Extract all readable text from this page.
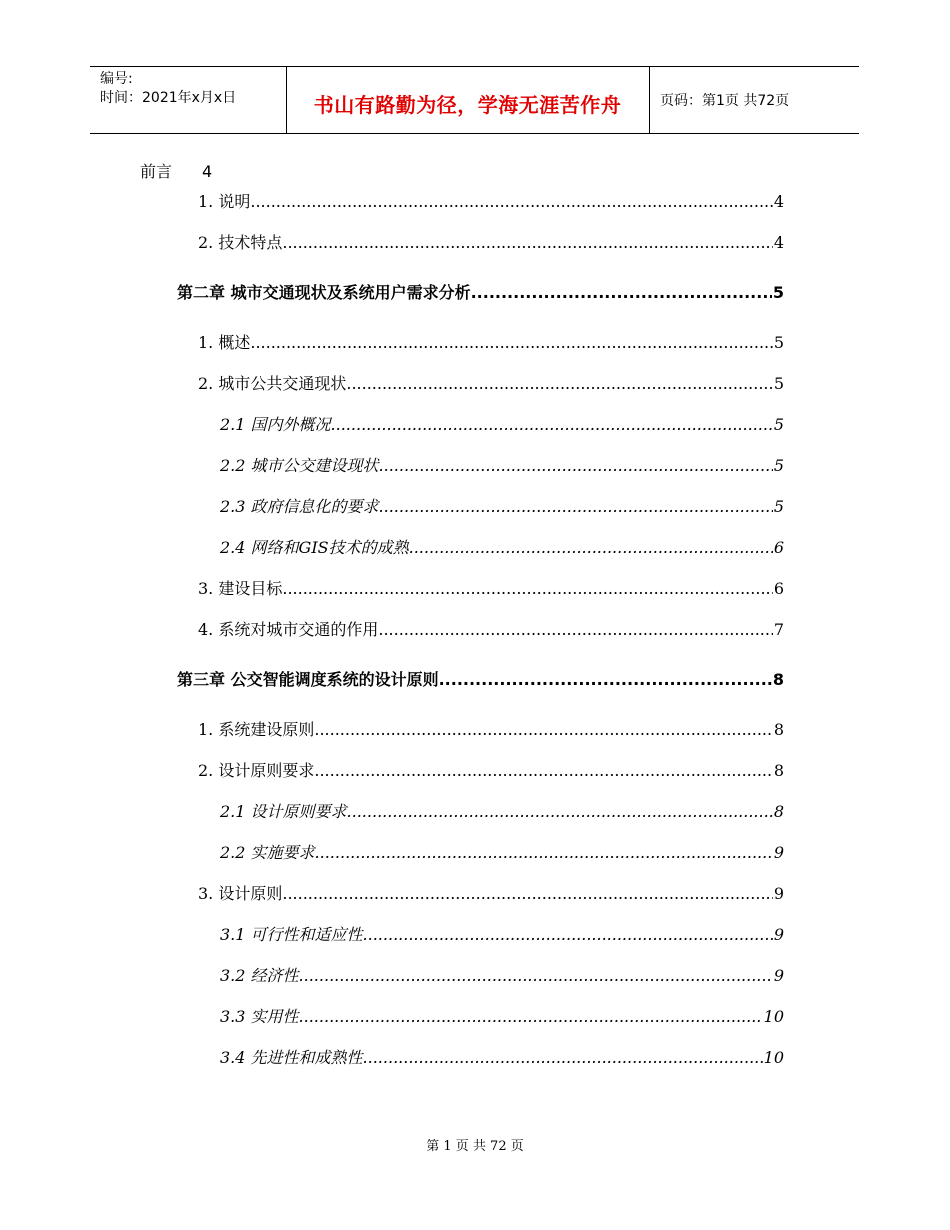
编号:
时间：2021年x月x日	书山有路勤为径，学海无涯苦作舟	页码：第1页 共72页
前言 4
1. 说明 .....	4
2. 技术特点 .....	4
第二章 城市交通现状及系统用户需求分析 .....	5
1. 概述 .....	5
2. 城市公共交通现状 .....	5
2.1 国内外概况 .....	5
2.2 城市公交建设现状 .....	5
2.3 政府信息化的要求 .....	5
2.4 网络和GIS技术的成熟 .....	6
3. 建设目标 .....	6
4. 系统对城市交通的作用 .....	7
第三章 公交智能调度系统的设计原则 .....	8
1. 系统建设原则 .....	8
2. 设计原则要求 .....	8
2.1 设计原则要求 .....	8
2.2 实施要求 .....	9
3. 设计原则 .....	9
3.1 可行性和适应性 .....	9
3.2 经济性 .....	9
3.3 实用性 .....	10
3.4 先进性和成熟性 .....	10
第 1 页 共 72 页
